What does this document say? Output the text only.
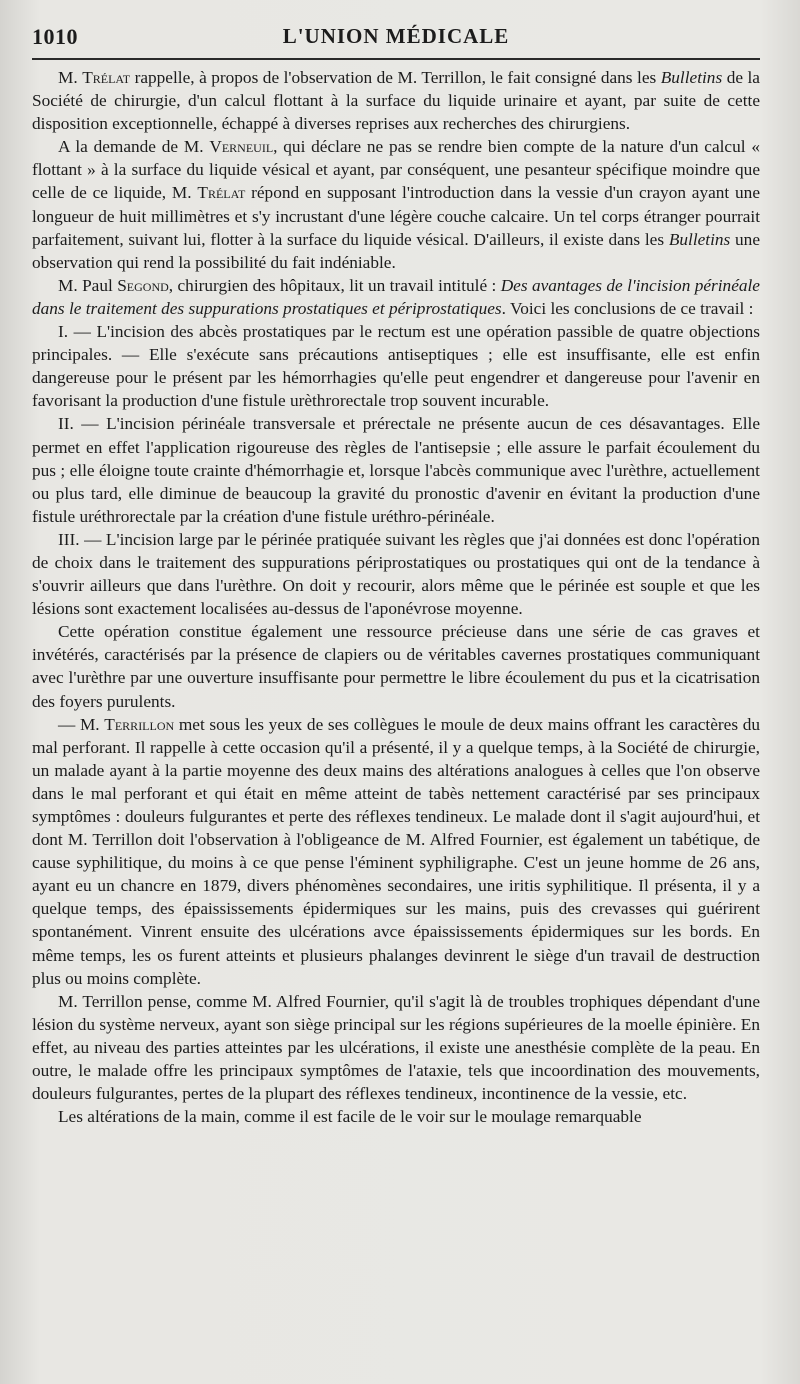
1010	L'UNION MÉDICALE

M. Trélat rappelle, à propos de l'observation de M. Terrillon, le fait consigné dans les Bulletins de la Société de chirurgie, d'un calcul flottant à la surface du liquide urinaire et ayant, par suite de cette disposition exceptionnelle, échappé à diverses reprises aux recherches des chirurgiens.

A la demande de M. Verneuil, qui déclare ne pas se rendre bien compte de la nature d'un calcul « flottant » à la surface du liquide vésical et ayant, par conséquent, une pesanteur spécifique moindre que celle de ce liquide, M. Trélat répond en supposant l'introduction dans la vessie d'un crayon ayant une longueur de huit millimètres et s'y incrustant d'une légère couche calcaire. Un tel corps étranger pourrait parfaitement, suivant lui, flotter à la surface du liquide vésical. D'ailleurs, il existe dans les Bulletins une observation qui rend la possibilité du fait indéniable.

M. Paul Segond, chirurgien des hôpitaux, lit un travail intitulé : Des avantages de l'incision périnéale dans le traitement des suppurations prostatiques et périprostatiques. Voici les conclusions de ce travail :

I. — L'incision des abcès prostatiques par le rectum est une opération passible de quatre objections principales. — Elle s'exécute sans précautions antiseptiques ; elle est insuffisante, elle est enfin dangereuse pour le présent par les hémorrhagies qu'elle peut engendrer et dangereuse pour l'avenir en favorisant la production d'une fistule urèthrorectale trop souvent incurable.

II. — L'incision périnéale transversale et prérectale ne présente aucun de ces désavantages. Elle permet en effet l'application rigoureuse des règles de l'antisepsie ; elle assure le parfait écoulement du pus ; elle éloigne toute crainte d'hémorrhagie et, lorsque l'abcès communique avec l'urèthre, actuellement ou plus tard, elle diminue de beaucoup la gravité du pronostic d'avenir en évitant la production d'une fistule uréthrorectale par la création d'une fistule uréthro-périnéale.

III. — L'incision large par le périnée pratiquée suivant les règles que j'ai données est donc l'opération de choix dans le traitement des suppurations périprostatiques ou prostatiques qui ont de la tendance à s'ouvrir ailleurs que dans l'urèthre. On doit y recourir, alors même que le périnée est souple et que les lésions sont exactement localisées au-dessus de l'aponévrose moyenne.

Cette opération constitue également une ressource précieuse dans une série de cas graves et invétérés, caractérisés par la présence de clapiers ou de véritables cavernes prostatiques communiquant avec l'urèthre par une ouverture insuffisante pour permettre le libre écoulement du pus et la cicatrisation des foyers purulents.

— M. Terrillon met sous les yeux de ses collègues le moule de deux mains offrant les caractères du mal perforant. Il rappelle à cette occasion qu'il a présenté, il y a quelque temps, à la Société de chirurgie, un malade ayant à la partie moyenne des deux mains des altérations analogues à celles que l'on observe dans le mal perforant et qui était en même atteint de tabès nettement caractérisé par ses principaux symptômes : douleurs fulgurantes et perte des réflexes tendineux. Le malade dont il s'agit aujourd'hui, et dont M. Terrillon doit l'observation à l'obligeance de M. Alfred Fournier, est également un tabétique, de cause syphilitique, du moins à ce que pense l'éminent syphiligraphe. C'est un jeune homme de 26 ans, ayant eu un chancre en 1879, divers phénomènes secondaires, une iritis syphilitique. Il présenta, il y a quelque temps, des épaississements épidermiques sur les mains, puis des crevasses qui guérirent spontanément. Vinrent ensuite des ulcérations avce épaississements épidermiques sur les bords. En même temps, les os furent atteints et plusieurs phalanges devinrent le siège d'un travail de destruction plus ou moins complète.

M. Terrillon pense, comme M. Alfred Fournier, qu'il s'agit là de troubles trophiques dépendant d'une lésion du système nerveux, ayant son siège principal sur les régions supérieures de la moelle épinière. En effet, au niveau des parties atteintes par les ulcérations, il existe une anesthésie complète de la peau. En outre, le malade offre les principaux symptômes de l'ataxie, tels que incoordination des mouvements, douleurs fulgurantes, pertes de la plupart des réflexes tendineux, incontinence de la vessie, etc.

Les altérations de la main, comme il est facile de le voir sur le moulage remarquable
